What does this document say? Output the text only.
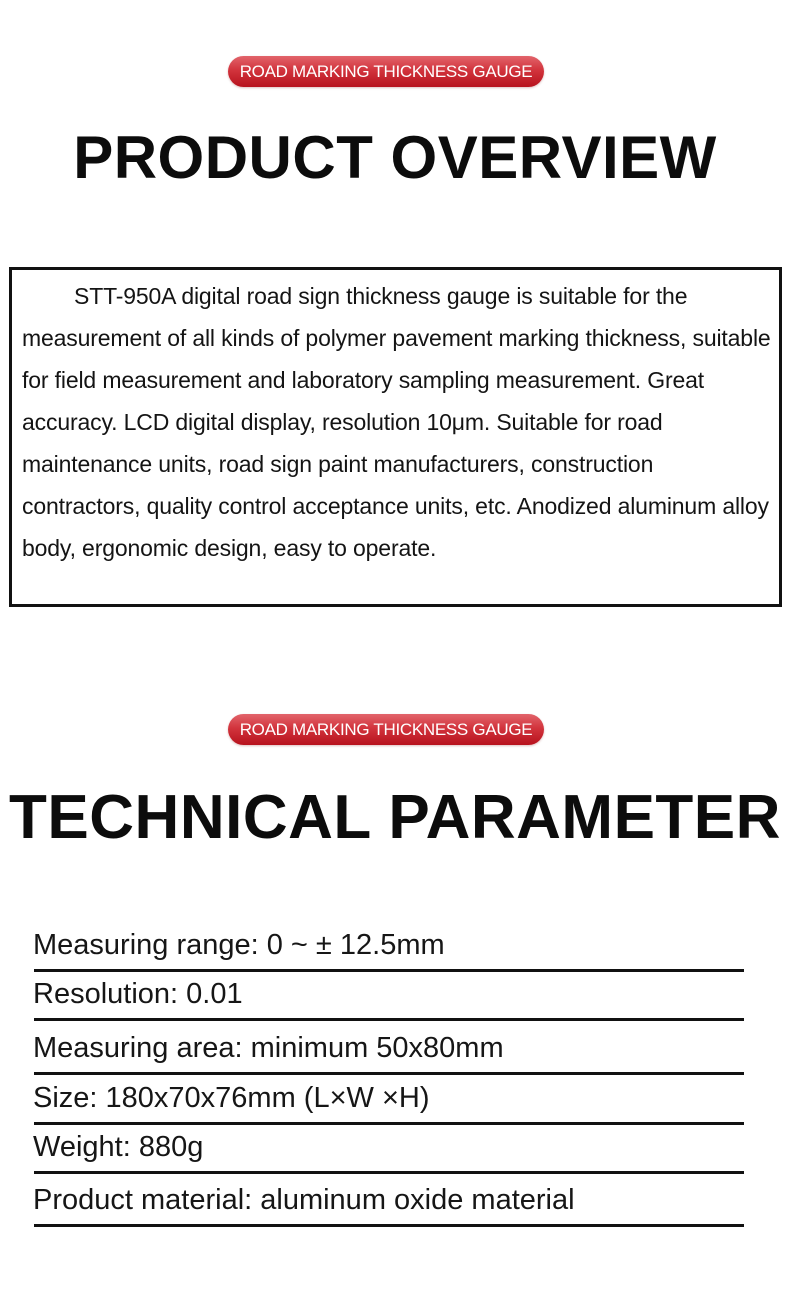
ROAD MARKING THICKNESS GAUGE
PRODUCT OVERVIEW

STT-950A digital road sign thickness gauge is suitable for the measurement of all kinds of polymer pavement marking thickness, suitable for field measurement and laboratory sampling measurement. Great accuracy. LCD digital display, resolution 10μm. Suitable for road maintenance units, road sign paint manufacturers, construction contractors, quality control acceptance units, etc. Anodized aluminum alloy body, ergonomic design, easy to operate.

ROAD MARKING THICKNESS GAUGE
TECHNICAL PARAMETER
Measuring range: 0 ~ ± 12.5mm
Resolution: 0.01
Measuring area: minimum 50x80mm
Size: 180x70x76mm (L×W ×H)
Weight: 880g
Product material: aluminum oxide material
